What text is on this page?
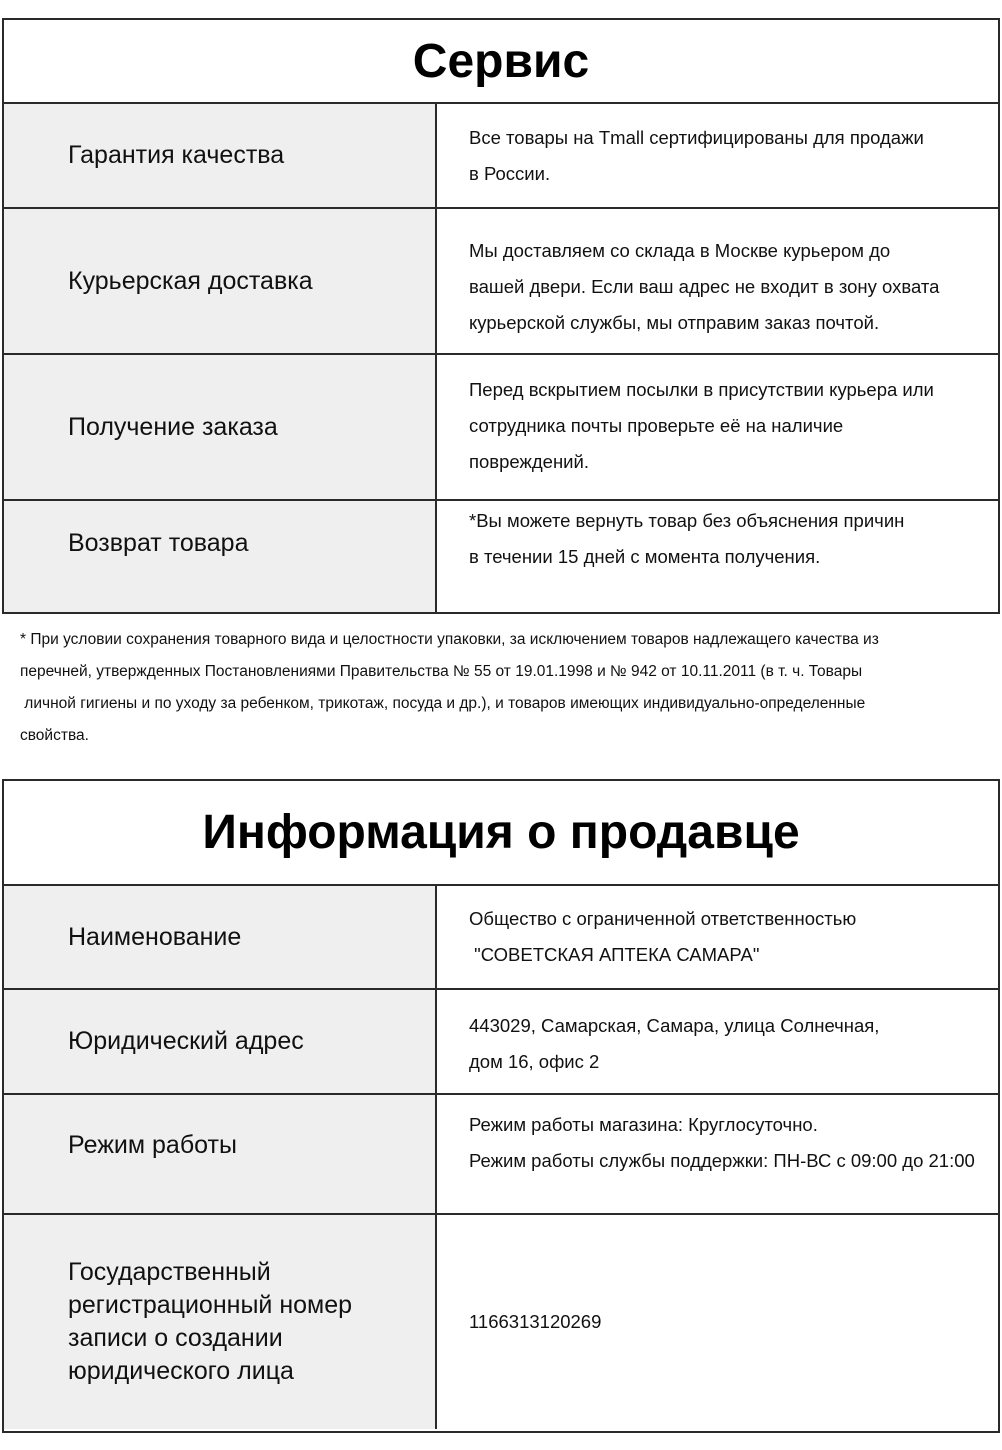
Сервис
Гарантия качества
Все товары на Tmall сертифицированы для продажи
в России.
Курьерская доставка
Мы доставляем со склада в Москве курьером до
вашей двери. Если ваш адрес не входит в зону охвата
курьерской службы, мы отправим заказ почтой.
Получение заказа
Перед вскрытием посылки в присутствии курьера или
сотрудника почты проверьте её на наличие
повреждений.
Возврат товара
*Вы можете вернуть товар без объяснения причин
в течении 15 дней с момента получения.
* При условии сохранения товарного вида и целостности упаковки, за исключением товаров надлежащего качества из
перечней, утвержденных Постановлениями Правительства № 55 от 19.01.1998 и № 942 от 10.11.2011 (в т. ч. Товары
личной гигиены и по уходу за ребенком, трикотаж, посуда и др.), и товаров имеющих индивидуально-определенные
свойства.
Информация о продавце
Наименование
Общество с ограниченной ответственностью
"СОВЕТСКАЯ АПТЕКА САМАРА"
Юридический адрес
443029, Самарская, Самара, улица Солнечная,
дом 16, офис 2
Режим работы
Режим работы магазина: Круглосуточно.
Режим работы службы поддержки: ПН-ВС с 09:00 до 21:00
Государственный
регистрационный номер
записи о создании
юридического лица
1166313120269
